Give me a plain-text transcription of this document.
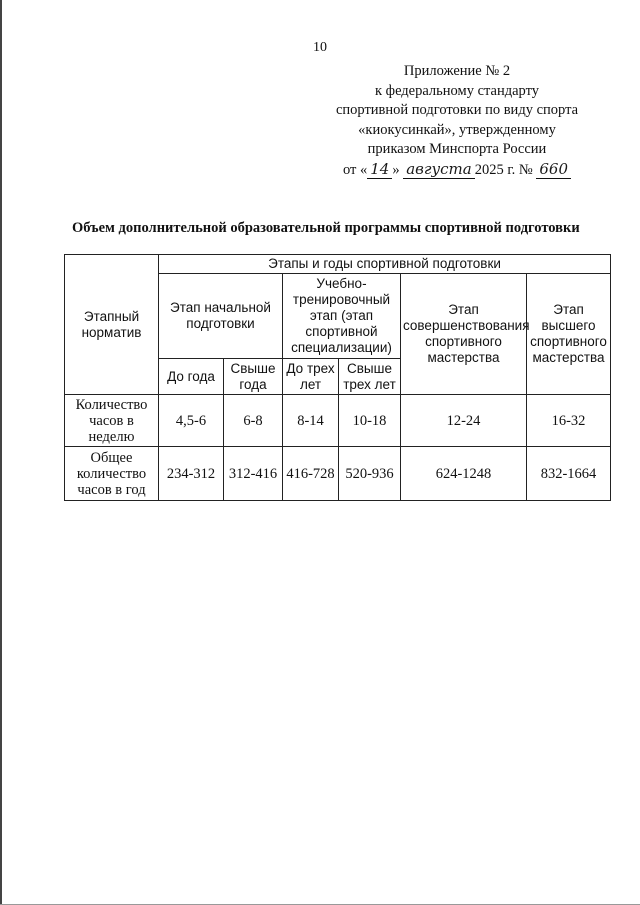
10
Приложение № 2
к федеральному стандарту
спортивной подготовки по виду спорта
«киокусинкай», утвержденному
приказом Минспорта России
от « 14 » августа 2025 г. № 660
Объем дополнительной образовательной программы спортивной подготовки
Этапный норматив	Этапы и годы спортивной подготовки					
	Этап начальной подготовки		Учебно-тренировочный этап (этап спортивной специализации)		Этап совершенствования спортивного мастерства	Этап высшего спортивного мастерства
	До года	Свыше года	До трех лет	Свыше трех лет		
Количество часов в неделю	4,5-6	6-8	8-14	10-18	12-24	16-32
Общее количество часов в год	234-312	312-416	416-728	520-936	624-1248	832-1664
